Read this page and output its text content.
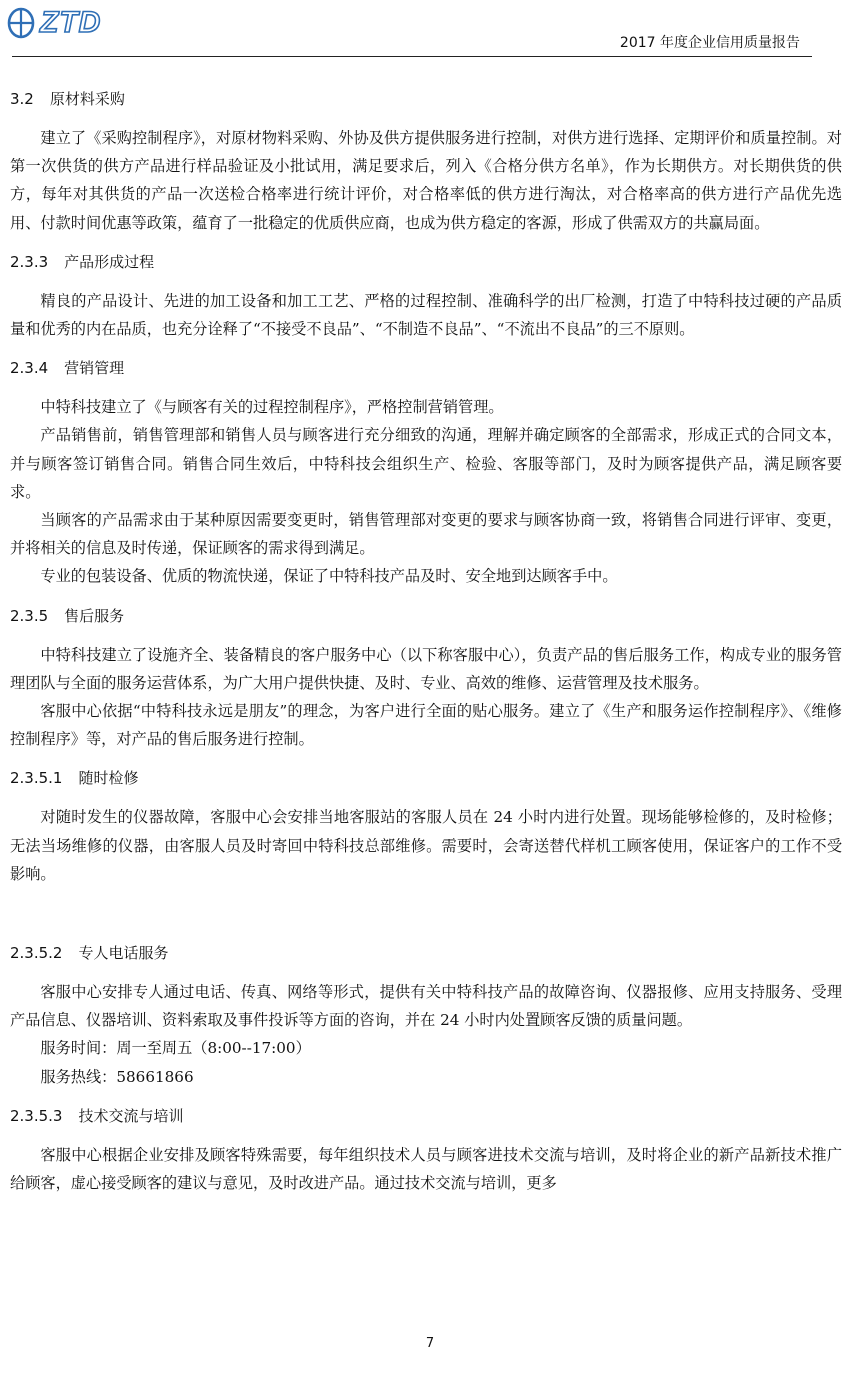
ZTD
2017 年度企业信用质量报告
3.2 原材料采购

建立了《采购控制程序》，对原材物料采购、外协及供方提供服务进行控制，对供方进行选择、定期评价和质量控制。对第一次供货的供方产品进行样品验证及小批试用，满足要求后，列入《合格分供方名单》，作为长期供方。对长期供货的供方，每年对其供货的产品一次送检合格率进行统计评价，对合格率低的供方进行淘汰，对合格率高的供方进行产品优先选用、付款时间优惠等政策，蕴育了一批稳定的优质供应商，也成为供方稳定的客源，形成了供需双方的共赢局面。

2.3.3 产品形成过程

精良的产品设计、先进的加工设备和加工工艺、严格的过程控制、准确科学的出厂检测，打造了中特科技过硬的产品质量和优秀的内在品质，也充分诠释了“不接受不良品”、“不制造不良品”、“不流出不良品”的三不原则。

2.3.4 营销管理

中特科技建立了《与顾客有关的过程控制程序》，严格控制营销管理。

产品销售前，销售管理部和销售人员与顾客进行充分细致的沟通，理解并确定顾客的全部需求，形成正式的合同文本，并与顾客签订销售合同。销售合同生效后，中特科技会组织生产、检验、客服等部门，及时为顾客提供产品，满足顾客要求。

当顾客的产品需求由于某种原因需要变更时，销售管理部对变更的要求与顾客协商一致，将销售合同进行评审、变更，并将相关的信息及时传递，保证顾客的需求得到满足。

专业的包装设备、优质的物流快递，保证了中特科技产品及时、安全地到达顾客手中。

2.3.5 售后服务

中特科技建立了设施齐全、装备精良的客户服务中心（以下称客服中心），负责产品的售后服务工作，构成专业的服务管理团队与全面的服务运营体系，为广大用户提供快捷、及时、专业、高效的维修、运营管理及技术服务。

客服中心依据“中特科技永远是朋友”的理念，为客户进行全面的贴心服务。建立了《生产和服务运作控制程序》、《维修控制程序》等，对产品的售后服务进行控制。

2.3.5.1 随时检修

对随时发生的仪器故障，客服中心会安排当地客服站的客服人员在 24 小时内进行处置。现场能够检修的，及时检修；无法当场维修的仪器，由客服人员及时寄回中特科技总部维修。需要时，会寄送替代样机工顾客使用，保证客户的工作不受影响。

2.3.5.2 专人电话服务

客服中心安排专人通过电话、传真、网络等形式，提供有关中特科技产品的故障咨询、仪器报修、应用支持服务、受理产品信息、仪器培训、资料索取及事件投诉等方面的咨询，并在 24 小时内处置顾客反馈的质量问题。

服务时间：周一至周五（8:00--17:00）

服务热线：58661866

2.3.5.3 技术交流与培训

客服中心根据企业安排及顾客特殊需要，每年组织技术人员与顾客进技术交流与培训，及时将企业的新产品新技术推广给顾客，虚心接受顾客的建议与意见，及时改进产品。通过技术交流与培训，更多

7
